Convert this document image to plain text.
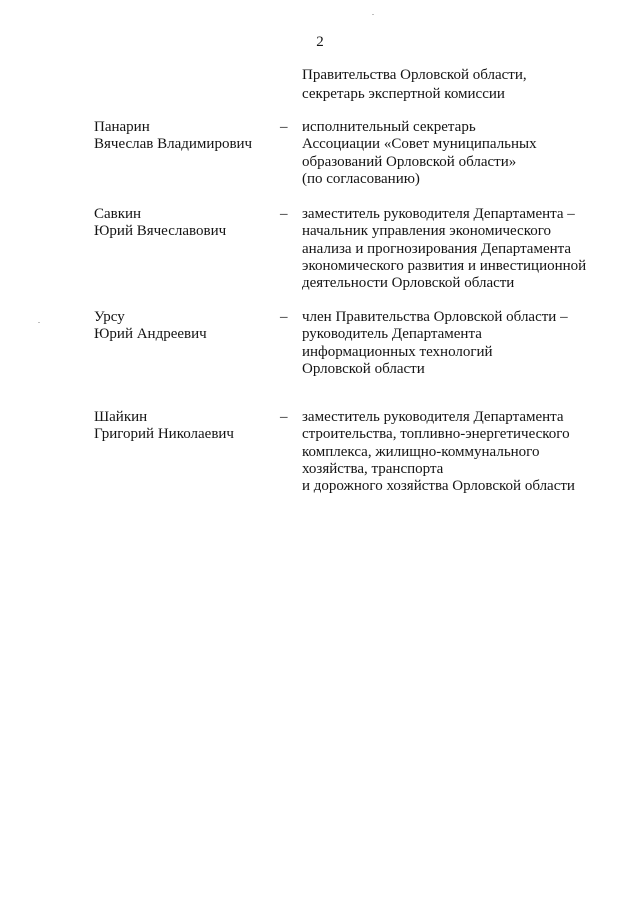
2
Правительства Орловской области,
секретарь экспертной комиссии
Панарин
Вячеслав Владимирович
– исполнительный секретарь
Ассоциации «Совет муниципальных
образований Орловской области»
(по согласованию)
Савкин
Юрий Вячеславович
– заместитель руководителя Департамента –
начальник управления экономического
анализа и прогнозирования Департамента
экономического развития и инвестиционной
деятельности Орловской области
Урсу
Юрий Андреевич
– член Правительства Орловской области –
руководитель Департамента
информационных технологий
Орловской области
Шайкин
Григорий Николаевич
– заместитель руководителя Департамента
строительства, топливно-энергетического
комплекса, жилищно-коммунального
хозяйства, транспорта
и дорожного хозяйства Орловской области
